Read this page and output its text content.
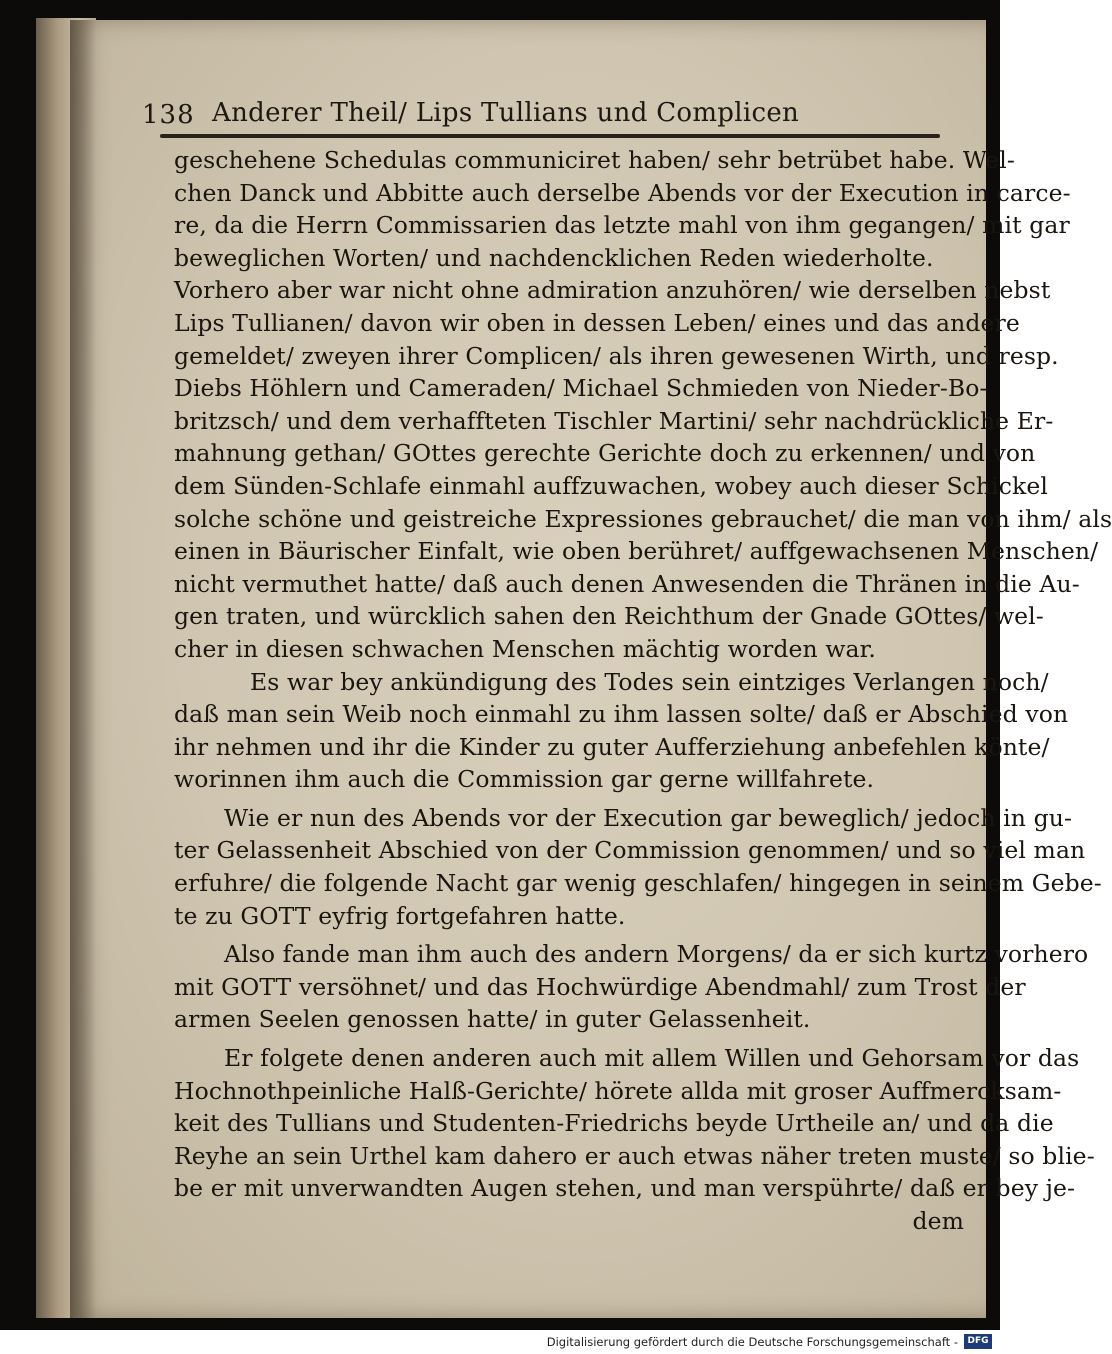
138 Anderer Theil/ Lips Tullians und Complicen
geschehene Schedulas communiciret haben/ sehr betrübet habe. Wel-
chen Danck und Abbitte auch derselbe Abends vor der Execution in carce-
re, da die Herrn Commissarien das letzte mahl von ihm gegangen/ mit gar
beweglichen Worten/ und nachdencklichen Reden wiederholte.
Vorhero aber war nicht ohne admiration anzuhören/ wie derselben nebst
Lips Tullianen/ davon wir oben in dessen Leben/ eines und das andere
gemeldet/ zweyen ihrer Complicen/ als ihren gewesenen Wirth, und resp.
Diebs Höhlern und Cameraden/ Michael Schmieden von Nieder-Bo-
britzsch/ und dem verhaffteten Tischler Martini/ sehr nachdrückliche Er-
mahnung gethan/ GOttes gerechte Gerichte doch zu erkennen/ und von
dem Sünden-Schlafe einmahl auffzuwachen, wobey auch dieser Schickel
solche schöne und geistreiche Expressiones gebrauchet/ die man von ihm/ als
einen in Bäurischer Einfalt, wie oben berühret/ auffgewachsenen Menschen/
nicht vermuthet hatte/ daß auch denen Anwesenden die Thränen in die Au-
gen traten, und würcklich sahen den Reichthum der Gnade GOttes/ wel-
cher in diesen schwachen Menschen mächtig worden war.
Es war bey ankündigung des Todes sein eintziges Verlangen noch/
daß man sein Weib noch einmahl zu ihm lassen solte/ daß er Abschied von
ihr nehmen und ihr die Kinder zu guter Aufferziehung anbefehlen könte/
worinnen ihm auch die Commission gar gerne willfahrete.
Wie er nun des Abends vor der Execution gar beweglich/ jedoch in gu-
ter Gelassenheit Abschied von der Commission genommen/ und so viel man
erfuhre/ die folgende Nacht gar wenig geschlafen/ hingegen in seinem Gebe-
te zu GOTT eyfrig fortgefahren hatte.
Also fande man ihm auch des andern Morgens/ da er sich kurtz vorhero
mit GOTT versöhnet/ und das Hochwürdige Abendmahl/ zum Trost der
armen Seelen genossen hatte/ in guter Gelassenheit.
Er folgete denen anderen auch mit allem Willen und Gehorsam vor das
Hochnothpeinliche Halß-Gerichte/ hörete allda mit groser Auffmercksam-
keit des Tullians und Studenten-Friedrichs beyde Urtheile an/ und da die
Reyhe an sein Urthel kam dahero er auch etwas näher treten muste/ so blie-
be er mit unverwandten Augen stehen, und man verspührte/ daß er bey je-
dem
Digitalisierung gefördert durch die Deutsche Forschungsgemeinschaft -	DFG
